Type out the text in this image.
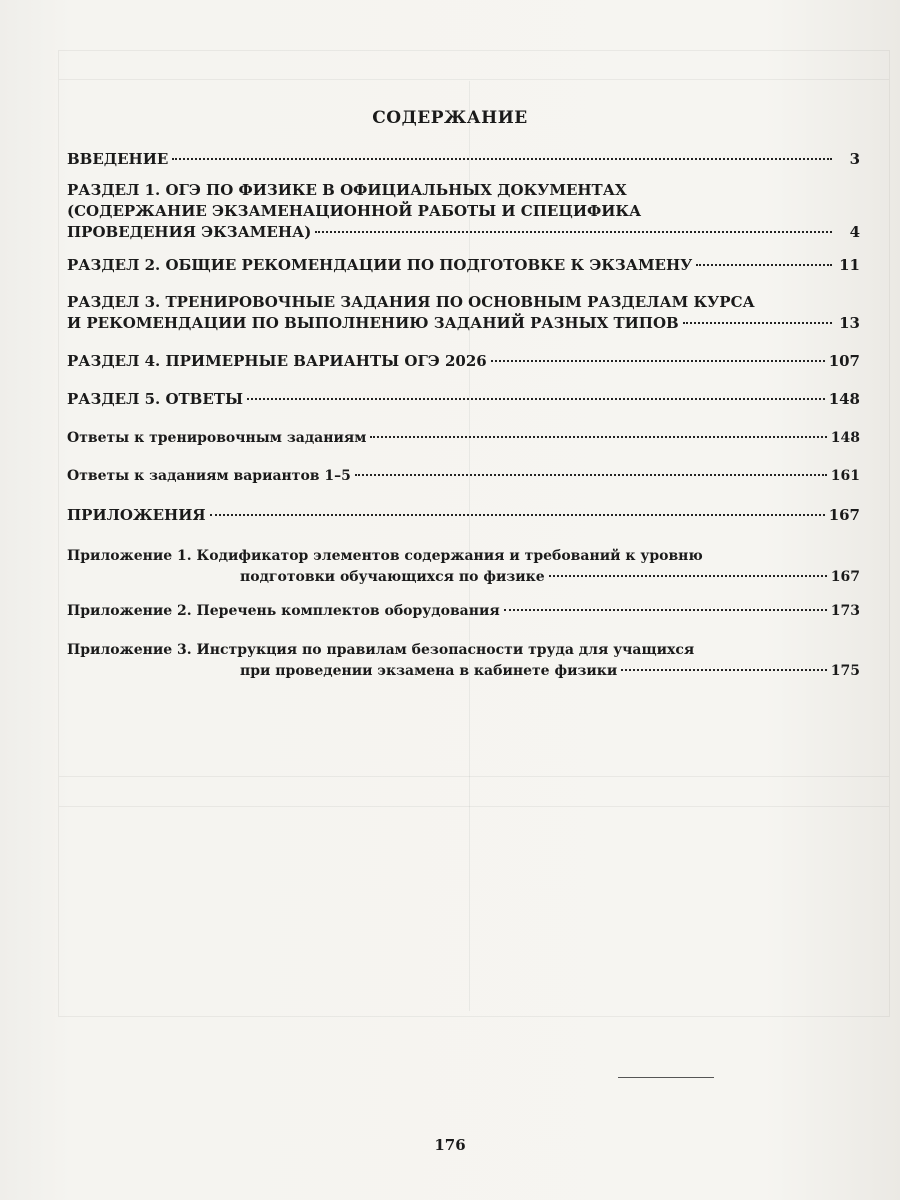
СОДЕРЖАНИЕ
ВВЕДЕНИЕ	3
РАЗДЕЛ 1. ОГЭ ПО ФИЗИКЕ В ОФИЦИАЛЬНЫХ ДОКУМЕНТАХ
(СОДЕРЖАНИЕ ЭКЗАМЕНАЦИОННОЙ РАБОТЫ И СПЕЦИФИКА
ПРОВЕДЕНИЯ ЭКЗАМЕНА)	4
РАЗДЕЛ 2. ОБЩИЕ РЕКОМЕНДАЦИИ ПО ПОДГОТОВКЕ К ЭКЗАМЕНУ	11
РАЗДЕЛ 3. ТРЕНИРОВОЧНЫЕ ЗАДАНИЯ ПО ОСНОВНЫМ РАЗДЕЛАМ КУРСА
И РЕКОМЕНДАЦИИ ПО ВЫПОЛНЕНИЮ ЗАДАНИЙ РАЗНЫХ ТИПОВ	13
РАЗДЕЛ 4. ПРИМЕРНЫЕ ВАРИАНТЫ ОГЭ 2026	107
РАЗДЕЛ 5. ОТВЕТЫ	148
Ответы к тренировочным заданиям	148
Ответы к заданиям вариантов 1–5	161
ПРИЛОЖЕНИЯ	167
Приложение 1. Кодификатор элементов содержания и требований к уровню
подготовки обучающихся по физике	167
Приложение 2. Перечень комплектов оборудования	173
Приложение 3. Инструкция по правилам безопасности труда для учащихся
при проведении экзамена в кабинете физики	175
176
